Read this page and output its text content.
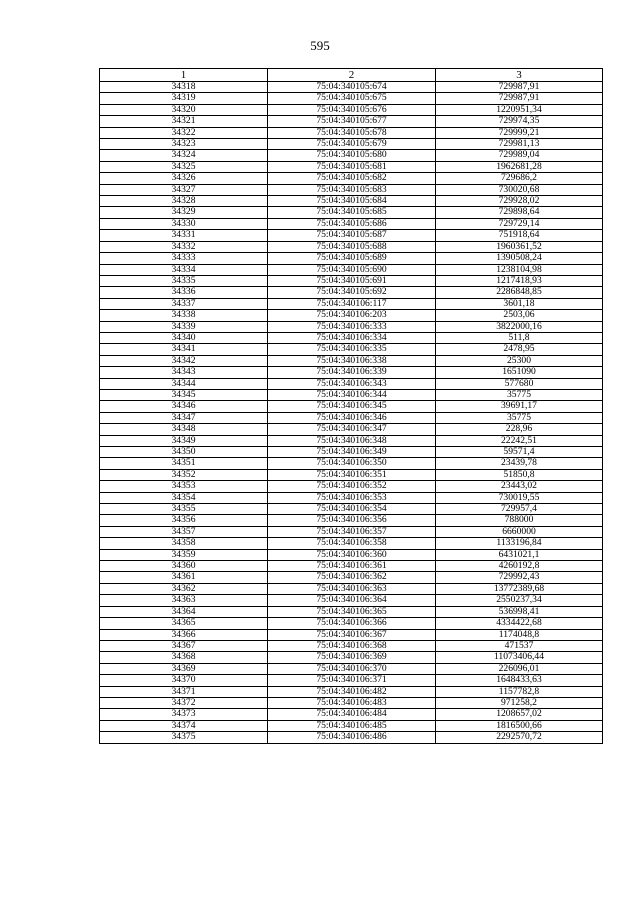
595
1	2	3
34318	75:04:340105:674	729987,91
34319	75:04:340105:675	729987,91
34320	75:04:340105:676	1220951,34
34321	75:04:340105:677	729974,35
34322	75:04:340105:678	729999,21
34323	75:04:340105:679	729981,13
34324	75:04:340105:680	729989,04
34325	75:04:340105:681	1962681,28
34326	75:04:340105:682	729686,2
34327	75:04:340105:683	730020,68
34328	75:04:340105:684	729928,02
34329	75:04:340105:685	729898,64
34330	75:04:340105:686	729729,14
34331	75:04:340105:687	751918,64
34332	75:04:340105:688	1960361,52
34333	75:04:340105:689	1390508,24
34334	75:04:340105:690	1238104,98
34335	75:04:340105:691	1217418,93
34336	75:04:340105:692	2286848,85
34337	75:04:340106:117	3601,18
34338	75:04:340106:203	2503,06
34339	75:04:340106:333	3822000,16
34340	75:04:340106:334	511,8
34341	75:04:340106:335	2478,95
34342	75:04:340106:338	25300
34343	75:04:340106:339	1651090
34344	75:04:340106:343	577680
34345	75:04:340106:344	35775
34346	75:04:340106:345	39691,17
34347	75:04:340106:346	35775
34348	75:04:340106:347	228,96
34349	75:04:340106:348	22242,51
34350	75:04:340106:349	59571,4
34351	75:04:340106:350	23439,78
34352	75:04:340106:351	51850,8
34353	75:04:340106:352	23443,02
34354	75:04:340106:353	730019,55
34355	75:04:340106:354	729957,4
34356	75:04:340106:356	788000
34357	75:04:340106:357	6660000
34358	75:04:340106:358	1133196,84
34359	75:04:340106:360	6431021,1
34360	75:04:340106:361	4260192,8
34361	75:04:340106:362	729992,43
34362	75:04:340106:363	13772389,68
34363	75:04:340106:364	2550237,34
34364	75:04:340106:365	536998,41
34365	75:04:340106:366	4334422,68
34366	75:04:340106:367	1174048,8
34367	75:04:340106:368	471537
34368	75:04:340106:369	11073406,44
34369	75:04:340106:370	226096,01
34370	75:04:340106:371	1648433,63
34371	75:04:340106:482	1157782,8
34372	75:04:340106:483	971258,2
34373	75:04:340106:484	1208657,02
34374	75:04:340106:485	1816500,66
34375	75:04:340106:486	2292570,72
